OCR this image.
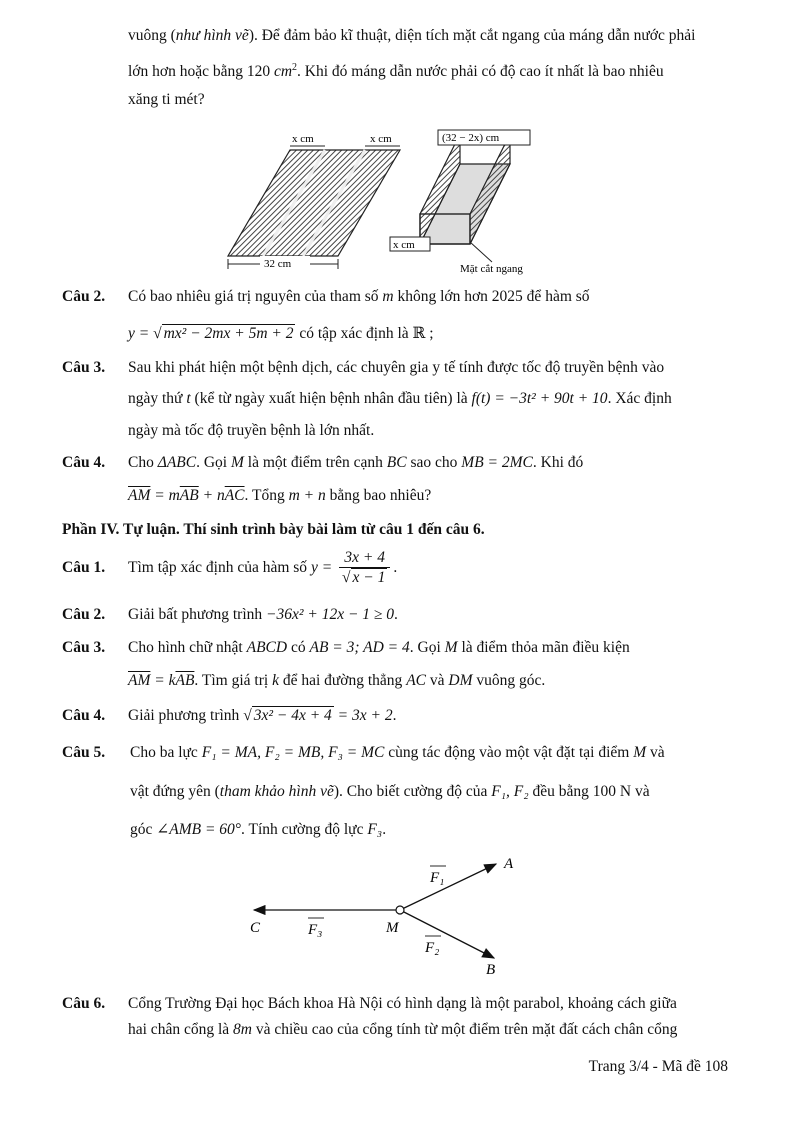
vuông (như hình vẽ). Để đảm bảo kĩ thuật, diện tích mặt cắt ngang của máng dẫn nước phải
lớn hơn hoặc bằng 120 $cm^2$. Khi đó máng dẫn nước phải có độ cao ít nhất là bao nhiêu
xăng ti mét?
x cm	x cm
32 cm
(32 − 2x) cm
x cm
Mặt cắt ngang
Câu 2. Có bao nhiêu giá trị nguyên của tham số m không lớn hơn 2025 để hàm số
y = √ mx² − 2mx + 5m + 2 có tập xác định là ℝ ;
Câu 3. Sau khi phát hiện một bệnh dịch, các chuyên gia y tế tính được tốc độ truyền bệnh vào
ngày thứ t (kể từ ngày xuất hiện bệnh nhân đầu tiên) là f(t) = −3t² + 90t + 10. Xác định
ngày mà tốc độ truyền bệnh là lớn nhất.
Câu 4. Cho ΔABC. Gọi M là một điểm trên cạnh BC sao cho MB = 2MC. Khi đó
$\overline{AM} = m\overline{AB} + n\overline{AC}$. Tổng m + n bằng bao nhiêu?
Phần IV. Tự luận. Thí sinh trình bày bài làm từ câu 1 đến câu 6.
Câu 1. Tìm tập xác định của hàm số $y = \frac{3x + 4}{√ x - 1}$ .
Câu 2. Giải bất phương trình −36x² + 12x − 1 ≥ 0.
Câu 3. Cho hình chữ nhật ABCD có AB = 3; AD = 4. Gọi M là điểm thỏa mãn điều kiện
$\overline{AM} = k\overline{AB}$. Tìm giá trị k để hai đường thẳng AC và DM vuông góc.
Câu 4. Giải phương trình √ 3x² − 4x + 4 = 3x + 2.
Câu 5. Cho ba lực F₁ = MA, F₂ = MB, F₃ = MC cùng tác động vào một vật đặt tại điểm M và
vật đứng yên (tham khảo hình vẽ). Cho biết cường độ của F₁, F₂ đều bằng 100 N và
góc ∠AMB = 60°. Tính cường độ lực F₃.
A
B
C	M
F₁
F₂
F₃
Câu 6. Cổng Trường Đại học Bách khoa Hà Nội có hình dạng là một parabol, khoảng cách giữa
hai chân cổng là 8m và chiều cao của cổng tính từ một điểm trên mặt đất cách chân cổng
Trang 3/4 - Mã đề 108
